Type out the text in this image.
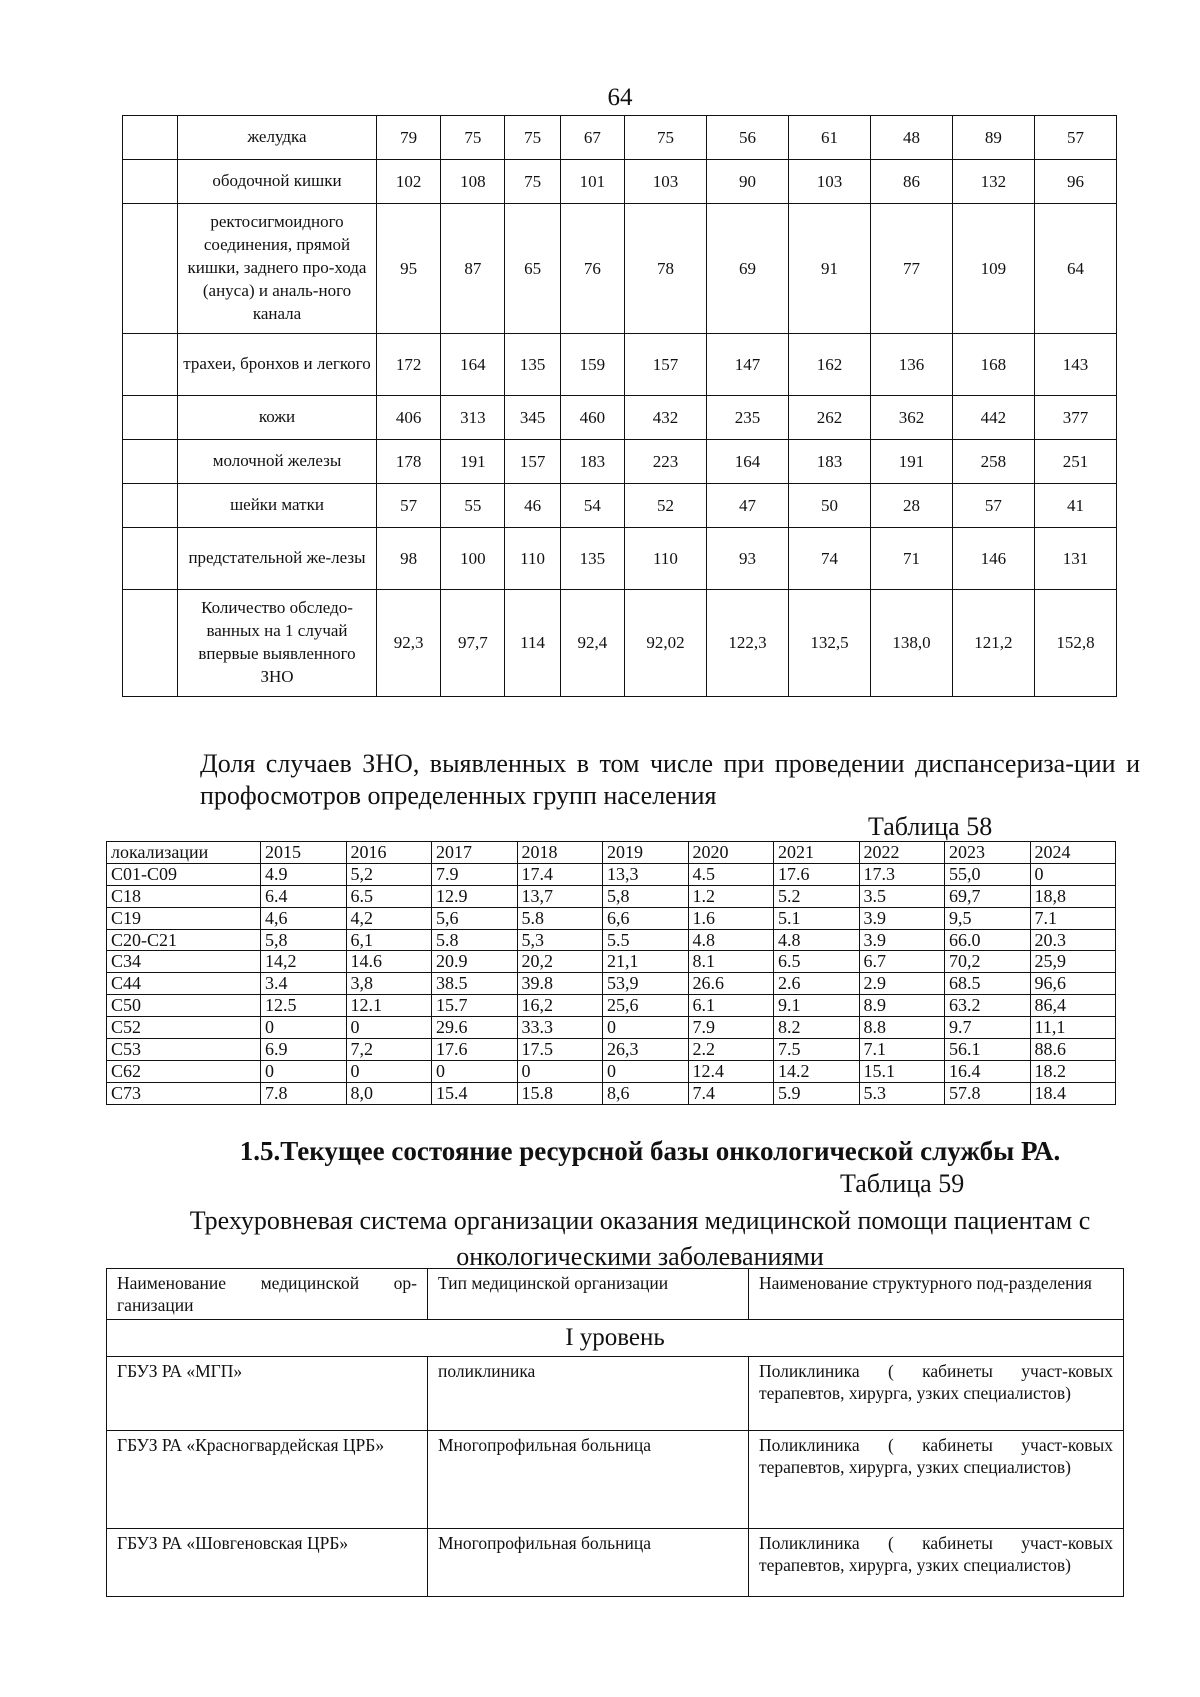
64
	желудка	79	75	75	67	75	56	61	48	89	57
	ободочной кишки	102	108	75	101	103	90	103	86	132	96
	ректосигмоидного соединения, прямой кишки, заднего про-хода (ануса) и аналь-ного канала	95	87	65	76	78	69	91	77	109	64
	трахеи, бронхов и легкого	172	164	135	159	157	147	162	136	168	143
	кожи	406	313	345	460	432	235	262	362	442	377
	молочной железы	178	191	157	183	223	164	183	191	258	251
	шейки матки	57	55	46	54	52	47	50	28	57	41
	предстательной же-лезы	98	100	110	135	110	93	74	71	146	131
	Количество обследо-ванных на 1 случай впервые выявленного ЗНО	92,3	97,7	114	92,4	92,02	122,3	132,5	138,0	121,2	152,8
Доля случаев ЗНО, выявленных в том числе при проведении диспансериза-ции и профосмотров определенных групп населения
Таблица 58
локализации	2015	2016	2017	2018	2019	2020	2021	2022	2023	2024
С01-С09	4.9	5,2	7.9	17.4	13,3	4.5	17.6	17.3	55,0	0
С18	6.4	6.5	12.9	13,7	5,8	1.2	5.2	3.5	69,7	18,8
С19	4,6	4,2	5,6	5.8	6,6	1.6	5.1	3.9	9,5	7.1
С20-С21	5,8	6,1	5.8	5,3	5.5	4.8	4.8	3.9	66.0	20.3
С34	14,2	14.6	20.9	20,2	21,1	8.1	6.5	6.7	70,2	25,9
С44	3.4	3,8	38.5	39.8	53,9	26.6	2.6	2.9	68.5	96,6
С50	12.5	12.1	15.7	16,2	25,6	6.1	9.1	8.9	63.2	86,4
С52	0	0	29.6	33.3	0	7.9	8.2	8.8	9.7	11,1
С53	6.9	7,2	17.6	17.5	26,3	2.2	7.5	7.1	56.1	88.6
С62	0	0	0	0	0	12.4	14.2	15.1	16.4	18.2
С73	7.8	8,0	15.4	15.8	8,6	7.4	5.9	5.3	57.8	18.4
1.5.Текущее состояние ресурсной базы онкологической службы РА.
Таблица 59
Трехуровневая система организации оказания медицинской помощи пациентам с онкологическими заболеваниями
Наименование медицинской ор-ганизации	Тип медицинской организации	Наименование структурного под-разделения
I уровень		
ГБУЗ РА «МГП»	поликлиника	Поликлиника ( кабинеты участ-ковых терапевтов, хирурга, узких специалистов)
ГБУЗ РА «Красногвардейская ЦРБ»	Многопрофильная больница	Поликлиника ( кабинеты участ-ковых терапевтов, хирурга, узких специалистов)
ГБУЗ РА «Шовгеновская ЦРБ»	Многопрофильная больница	Поликлиника ( кабинеты участ-ковых терапевтов, хирурга, узких специалистов)
